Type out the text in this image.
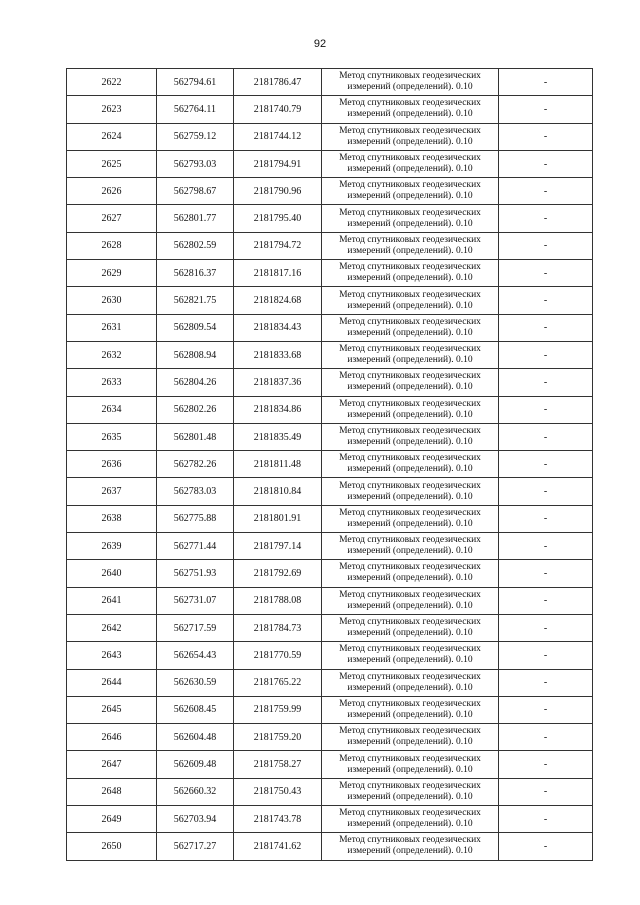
92
2622	562794.61	2181786.47	Метод спутниковых геодезических измерений (определений). 0.10	-
2623	562764.11	2181740.79	Метод спутниковых геодезических измерений (определений). 0.10	-
2624	562759.12	2181744.12	Метод спутниковых геодезических измерений (определений). 0.10	-
2625	562793.03	2181794.91	Метод спутниковых геодезических измерений (определений). 0.10	-
2626	562798.67	2181790.96	Метод спутниковых геодезических измерений (определений). 0.10	-
2627	562801.77	2181795.40	Метод спутниковых геодезических измерений (определений). 0.10	-
2628	562802.59	2181794.72	Метод спутниковых геодезических измерений (определений). 0.10	-
2629	562816.37	2181817.16	Метод спутниковых геодезических измерений (определений). 0.10	-
2630	562821.75	2181824.68	Метод спутниковых геодезических измерений (определений). 0.10	-
2631	562809.54	2181834.43	Метод спутниковых геодезических измерений (определений). 0.10	-
2632	562808.94	2181833.68	Метод спутниковых геодезических измерений (определений). 0.10	-
2633	562804.26	2181837.36	Метод спутниковых геодезических измерений (определений). 0.10	-
2634	562802.26	2181834.86	Метод спутниковых геодезических измерений (определений). 0.10	-
2635	562801.48	2181835.49	Метод спутниковых геодезических измерений (определений). 0.10	-
2636	562782.26	2181811.48	Метод спутниковых геодезических измерений (определений). 0.10	-
2637	562783.03	2181810.84	Метод спутниковых геодезических измерений (определений). 0.10	-
2638	562775.88	2181801.91	Метод спутниковых геодезических измерений (определений). 0.10	-
2639	562771.44	2181797.14	Метод спутниковых геодезических измерений (определений). 0.10	-
2640	562751.93	2181792.69	Метод спутниковых геодезических измерений (определений). 0.10	-
2641	562731.07	2181788.08	Метод спутниковых геодезических измерений (определений). 0.10	-
2642	562717.59	2181784.73	Метод спутниковых геодезических измерений (определений). 0.10	-
2643	562654.43	2181770.59	Метод спутниковых геодезических измерений (определений). 0.10	-
2644	562630.59	2181765.22	Метод спутниковых геодезических измерений (определений). 0.10	-
2645	562608.45	2181759.99	Метод спутниковых геодезических измерений (определений). 0.10	-
2646	562604.48	2181759.20	Метод спутниковых геодезических измерений (определений). 0.10	-
2647	562609.48	2181758.27	Метод спутниковых геодезических измерений (определений). 0.10	-
2648	562660.32	2181750.43	Метод спутниковых геодезических измерений (определений). 0.10	-
2649	562703.94	2181743.78	Метод спутниковых геодезических измерений (определений). 0.10	-
2650	562717.27	2181741.62	Метод спутниковых геодезических измерений (определений). 0.10	-
